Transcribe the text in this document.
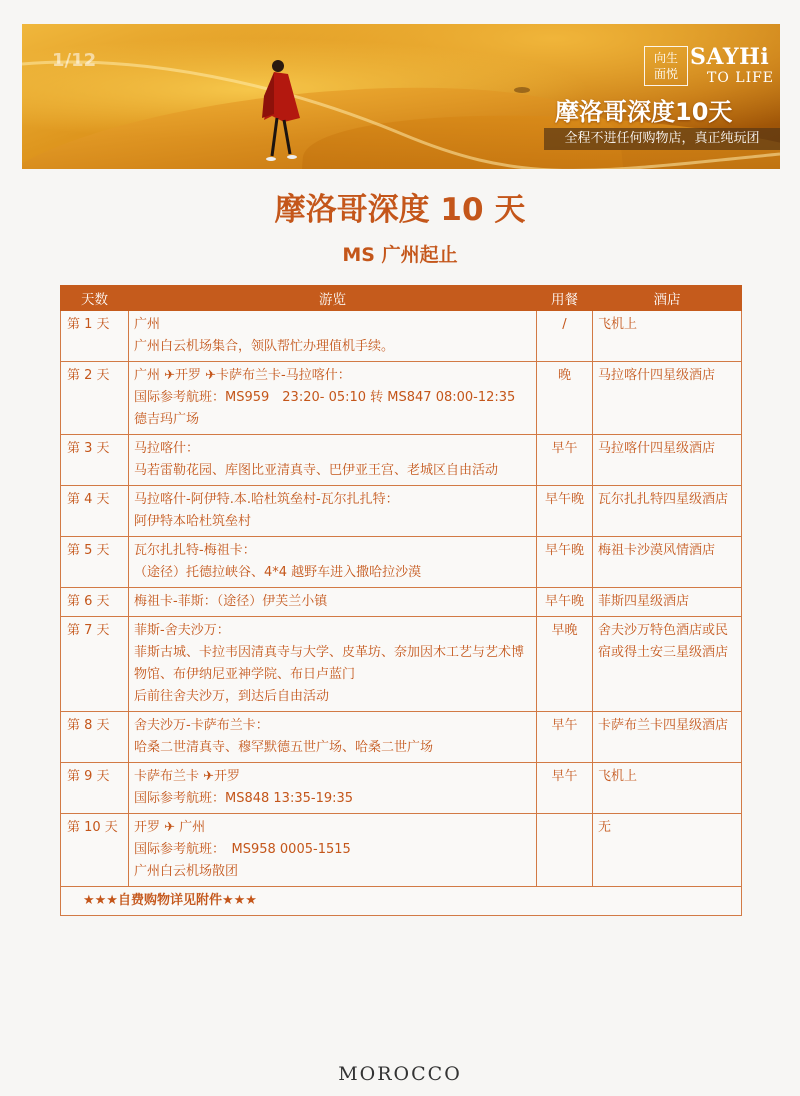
1/12	向生
面悦
SAYHi
TO LIFE
摩洛哥深度10天
全程不进任何购物店，真正纯玩团
摩洛哥深度 10 天
MS 广州起止
天数	游览	用餐	酒店
第 1 天	广州
广州白云机场集合，领队帮忙办理值机手续。	/	飞机上
第 2 天	广州 ✈开罗 ✈卡萨布兰卡-马拉喀什：
国际参考航班：MS959　23:20- 05:10 转 MS847 08:00-12:35
德吉玛广场	晚	马拉喀什四星级酒店
第 3 天	马拉喀什：
马若雷勒花园、库图比亚清真寺、巴伊亚王宫、老城区自由活动	早午	马拉喀什四星级酒店
第 4 天	马拉喀什-阿伊特.本.哈杜筑垒村-瓦尔扎扎特：
阿伊特本哈杜筑垒村	早午晚	瓦尔扎扎特四星级酒店
第 5 天	瓦尔扎扎特-梅祖卡：
（途径）托德拉峡谷、4*4 越野车进入撒哈拉沙漠	早午晚	梅祖卡沙漠风情酒店
第 6 天	梅祖卡-菲斯：（途径）伊芙兰小镇	早午晚	菲斯四星级酒店
第 7 天	菲斯-舍夫沙万：
菲斯古城、卡拉韦因清真寺与大学、皮革坊、奈加因木工艺与艺术博
物馆、布伊纳尼亚神学院、布日卢蓝门
后前往舍夫沙万，到达后自由活动	早晚	舍夫沙万特色酒店或民宿或得土安三星级酒店
第 8 天	舍夫沙万-卡萨布兰卡：
哈桑二世清真寺、穆罕默德五世广场、哈桑二世广场	早午	卡萨布兰卡四星级酒店
第 9 天	卡萨布兰卡 ✈开罗
国际参考航班：MS848 13:35-19:35	早午	飞机上
第 10 天	开罗 ✈ 广州
国际参考航班：　MS958 0005-1515
广州白云机场散团		无
★★★自费购物详见附件★★★			
MOROCCO
